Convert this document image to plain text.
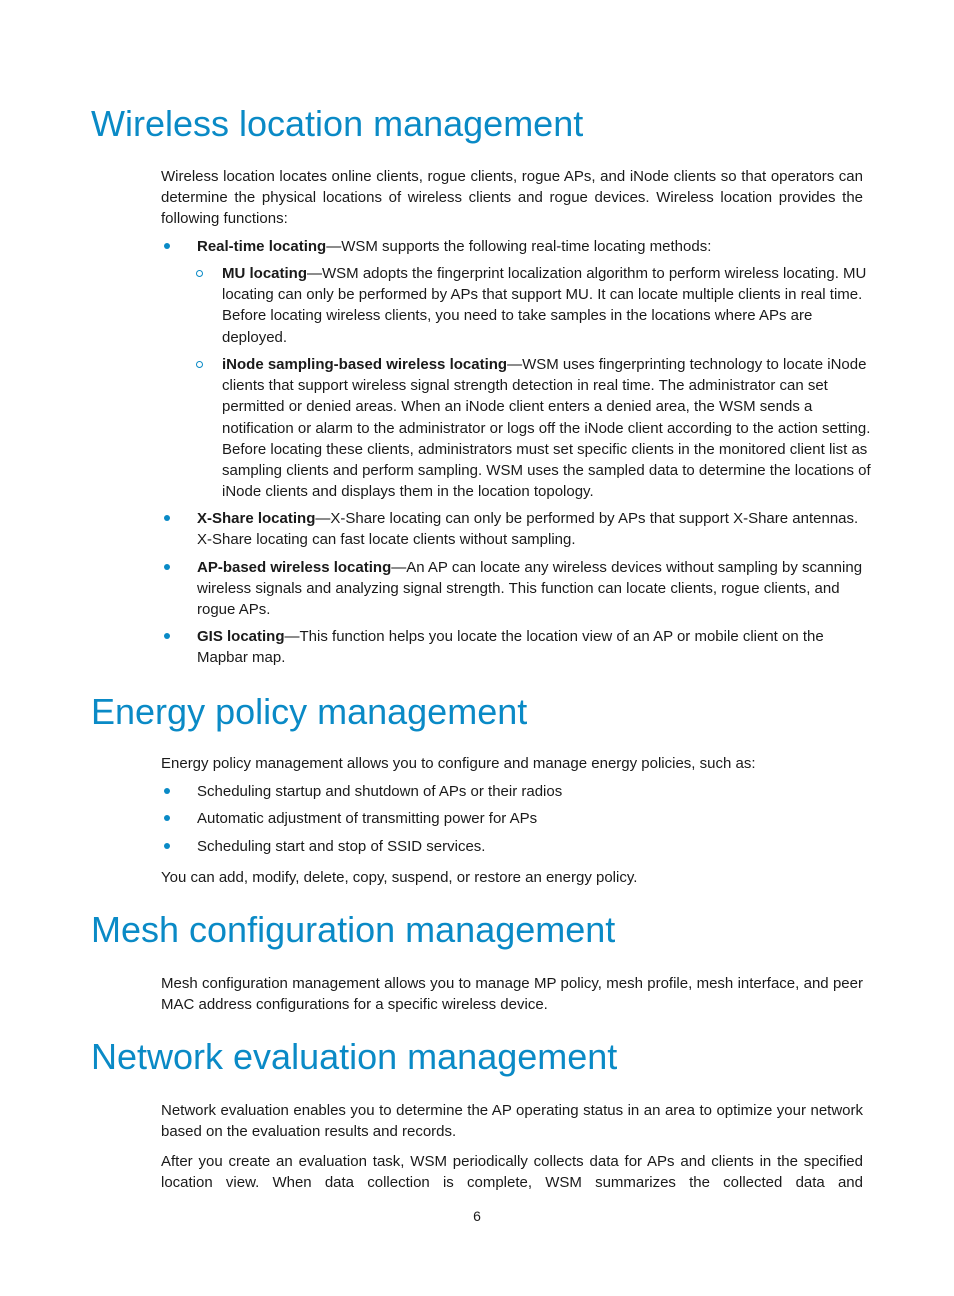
Wireless location management

Wireless location locates online clients, rogue clients, rogue APs, and iNode clients so that operators can determine the physical locations of wireless clients and rogue devices. Wireless location provides the following functions:

Real-time locating—WSM supports the following real-time locating methods:

MU locating—WSM adopts the fingerprint localization algorithm to perform wireless locating. MU locating can only be performed by APs that support MU. It can locate multiple clients in real time. Before locating wireless clients, you need to take samples in the locations where APs are deployed.

iNode sampling-based wireless locating—WSM uses fingerprinting technology to locate iNode clients that support wireless signal strength detection in real time. The administrator can set permitted or denied areas. When an iNode client enters a denied area, the WSM sends a notification or alarm to the administrator or logs off the iNode client according to the action setting. Before locating these clients, administrators must set specific clients in the monitored client list as sampling clients and perform sampling. WSM uses the sampled data to determine the locations of iNode clients and displays them in the location topology.

X-Share locating—X-Share locating can only be performed by APs that support X-Share antennas. X-Share locating can fast locate clients without sampling.

AP-based wireless locating—An AP can locate any wireless devices without sampling by scanning wireless signals and analyzing signal strength. This function can locate clients, rogue clients, and rogue APs.

GIS locating—This function helps you locate the location view of an AP or mobile client on the Mapbar map.

Energy policy management

Energy policy management allows you to configure and manage energy policies, such as:

Scheduling startup and shutdown of APs or their radios

Automatic adjustment of transmitting power for APs

Scheduling start and stop of SSID services.

You can add, modify, delete, copy, suspend, or restore an energy policy.

Mesh configuration management

Mesh configuration management allows you to manage MP policy, mesh profile, mesh interface, and peer MAC address configurations for a specific wireless device.

Network evaluation management

Network evaluation enables you to determine the AP operating status in an area to optimize your network based on the evaluation results and records.

After you create an evaluation task, WSM periodically collects data for APs and clients in the specified location view. When data collection is complete, WSM summarizes the collected data and

6
